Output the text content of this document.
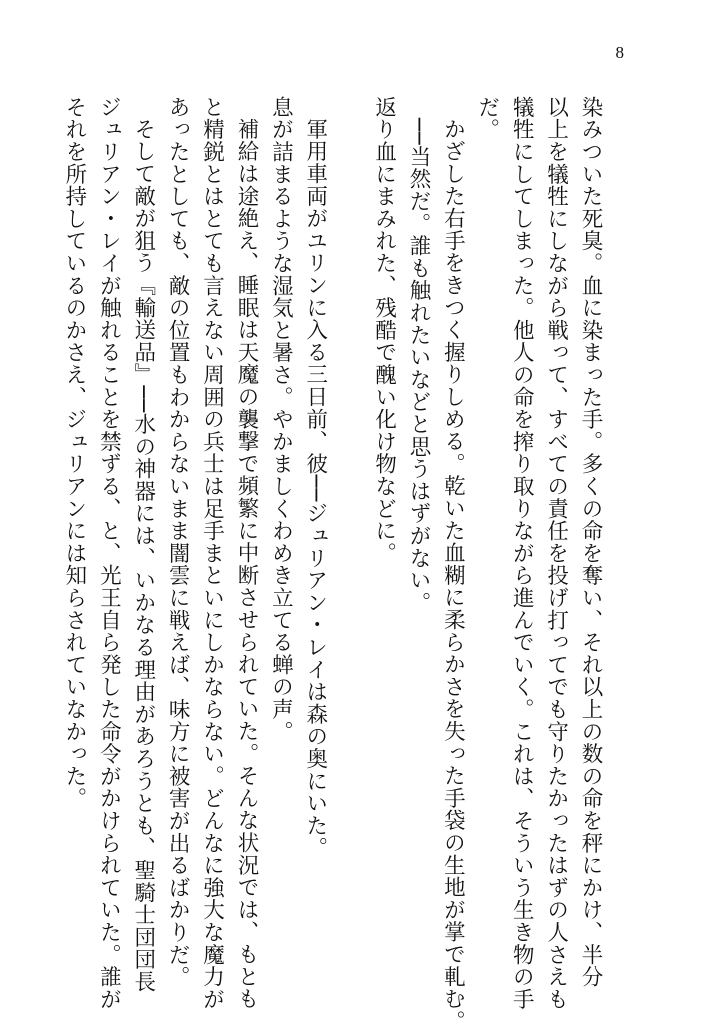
8

染みついた死臭。血に染まった手。多くの命を奪い、それ以上の数の命を秤にかけ、半分

以上を犠牲にしながら戦って、すべての責任を投げ打ってでも守りたかったはずの人さえも

犠牲にしてしまった。他人の命を搾り取りながら進んでいく。これは、そういう生き物の手

だ。

かざした右手をきつく握りしめる。乾いた血糊に柔らかさを失った手袋の生地が掌で軋む。

──当然だ。誰も触れたいなどと思うはずがない。

返り血にまみれた、残酷で醜い化け物などに。

軍用車両がユリンに入る三日前、彼──ジュリアン・レイは森の奥にいた。

息が詰まるような湿気と暑さ。やかましくわめき立てる蝉の声。

補給は途絶え、睡眠は天魔の襲撃で頻繁に中断させられていた。そんな状況では、もとも

と精鋭とはとても言えない周囲の兵士は足手まといにしかならない。どんなに強大な魔力が

あったとしても、敵の位置もわからないまま闇雲に戦えば、味方に被害が出るばかりだ。

そして敵が狙う『輸送品』──水の神器には、いかなる理由があろうとも、聖騎士団団長

ジュリアン・レイが触れることを禁ずる、と、光王自ら発した命令がかけられていた。誰が

それを所持しているのかさえ、ジュリアンには知らされていなかった。
